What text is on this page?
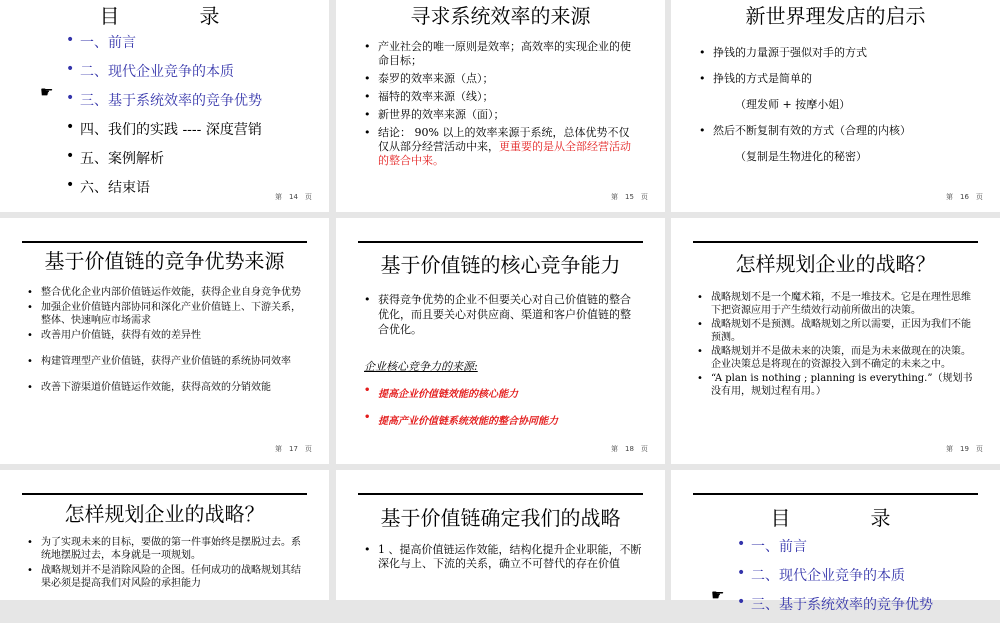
目　　　　录
☛
• 一、前言
• 二、现代企业竞争的本质
• 三、基于系统效率的竞争优势
• 四、我们的实践 ---- 深度营销
• 五、案例解析
• 六、结束语
第　14　页
寻求系统效率的来源
• 产业社会的唯一原则是效率；高效率的实现企业的使命目标；
• 泰罗的效率来源（点）；
• 福特的效率来源（线）；
• 新世界的效率来源（面）；
• 结论： 90% 以上的效率来源于系统，总体优势不仅仅从部分经营活动中来，更重要的是从全部经营活动的整合中来。
第　15　页
新世界理发店的启示
• 挣钱的力量源于强似对手的方式
• 挣钱的方式是简单的
（理发师 + 按摩小姐）
• 然后不断复制有效的方式（合理的内核）
（复制是生物进化的秘密）
第　16　页
基于价值链的竞争优势来源
• 整合优化企业内部价值链运作效能，获得企业自身竞争优势
• 加强企业价值链内部协同和深化产业价值链上、下游关系，整体、快速响应市场需求
• 改善用户价值链，获得有效的差异性
• 构建管理型产业价值链，获得产业价值链的系统协同效率
• 改善下游渠道价值链运作效能，获得高效的分销效能
第　17　页
基于价值链的核心竞争能力
• 获得竞争优势的企业不但要关心对自己价值链的整合优化，而且要关心对供应商、渠道和客户价值链的整合优化。
企业核心竞争力的来源:
• 提高企业价值链效能的核心能力
• 提高产业价值链系统效能的整合协同能力
第　18　页
怎样规划企业的战略？
• 战略规划不是一个魔术箱，不是一堆技术。它是在理性思维下把资源应用于产生绩效行动前所做出的决策。
• 战略规划不是预测。战略规划之所以需要，正因为我们不能预测。
• 战略规划并不是做未来的决策，而是为未来做现在的决策。企业决策总是将现在的资源投入到不确定的未来之中。
• “A plan is nothing ; planning is everything.”（规划书没有用，规划过程有用。）
第　19　页
怎样规划企业的战略？
• 为了实现未来的目标，要做的第一件事始终是摆脱过去。系统地摆脱过去，本身就是一项规划。
• 战略规划并不是消除风险的企图。任何成功的战略规划其结果必须是提高我们对风险的承担能力
基于价值链确定我们的战略
• 1 、提高价值链运作效能，结构化提升企业职能，不断深化与上、下流的关系，确立不可替代的存在价值
目　　　　录
☛
• 一、前言
• 二、现代企业竞争的本质
• 三、基于系统效率的竞争优势
